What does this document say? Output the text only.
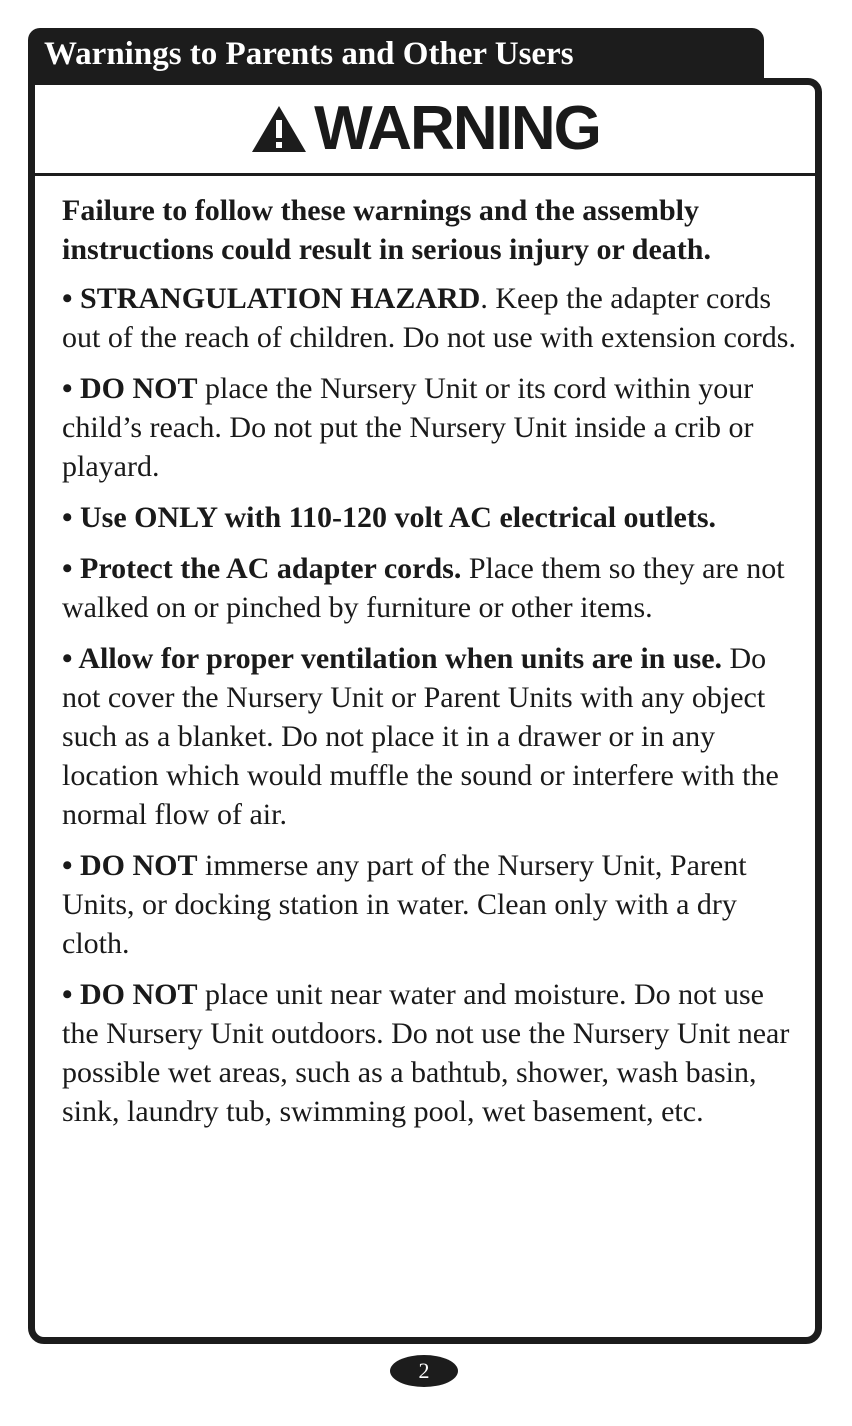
Warnings to Parents and Other Users
WARNING

Failure to follow these warnings and the assembly instructions could result in serious injury or death.

• STRANGULATION HAZARD. Keep the adapter cords out of the reach of children. Do not use with extension cords.

• DO NOT place the Nursery Unit or its cord within your child’s reach. Do not put the Nursery Unit inside a crib or playard.

• Use ONLY with 110-120 volt AC electrical outlets.

• Protect the AC adapter cords. Place them so they are not walked on or pinched by furniture or other items.

• Allow for proper ventilation when units are in use. Do not cover the Nursery Unit or Parent Units with any object such as a blanket. Do not place it in a drawer or in any location which would muffle the sound or interfere with the normal flow of air.

• DO NOT immerse any part of the Nursery Unit, Parent Units, or docking station in water. Clean only with a dry cloth.

• DO NOT place unit near water and moisture. Do not use the Nursery Unit outdoors. Do not use the Nursery Unit near possible wet areas, such as a bathtub, shower, wash basin, sink, laundry tub, swimming pool, wet basement, etc.

2
